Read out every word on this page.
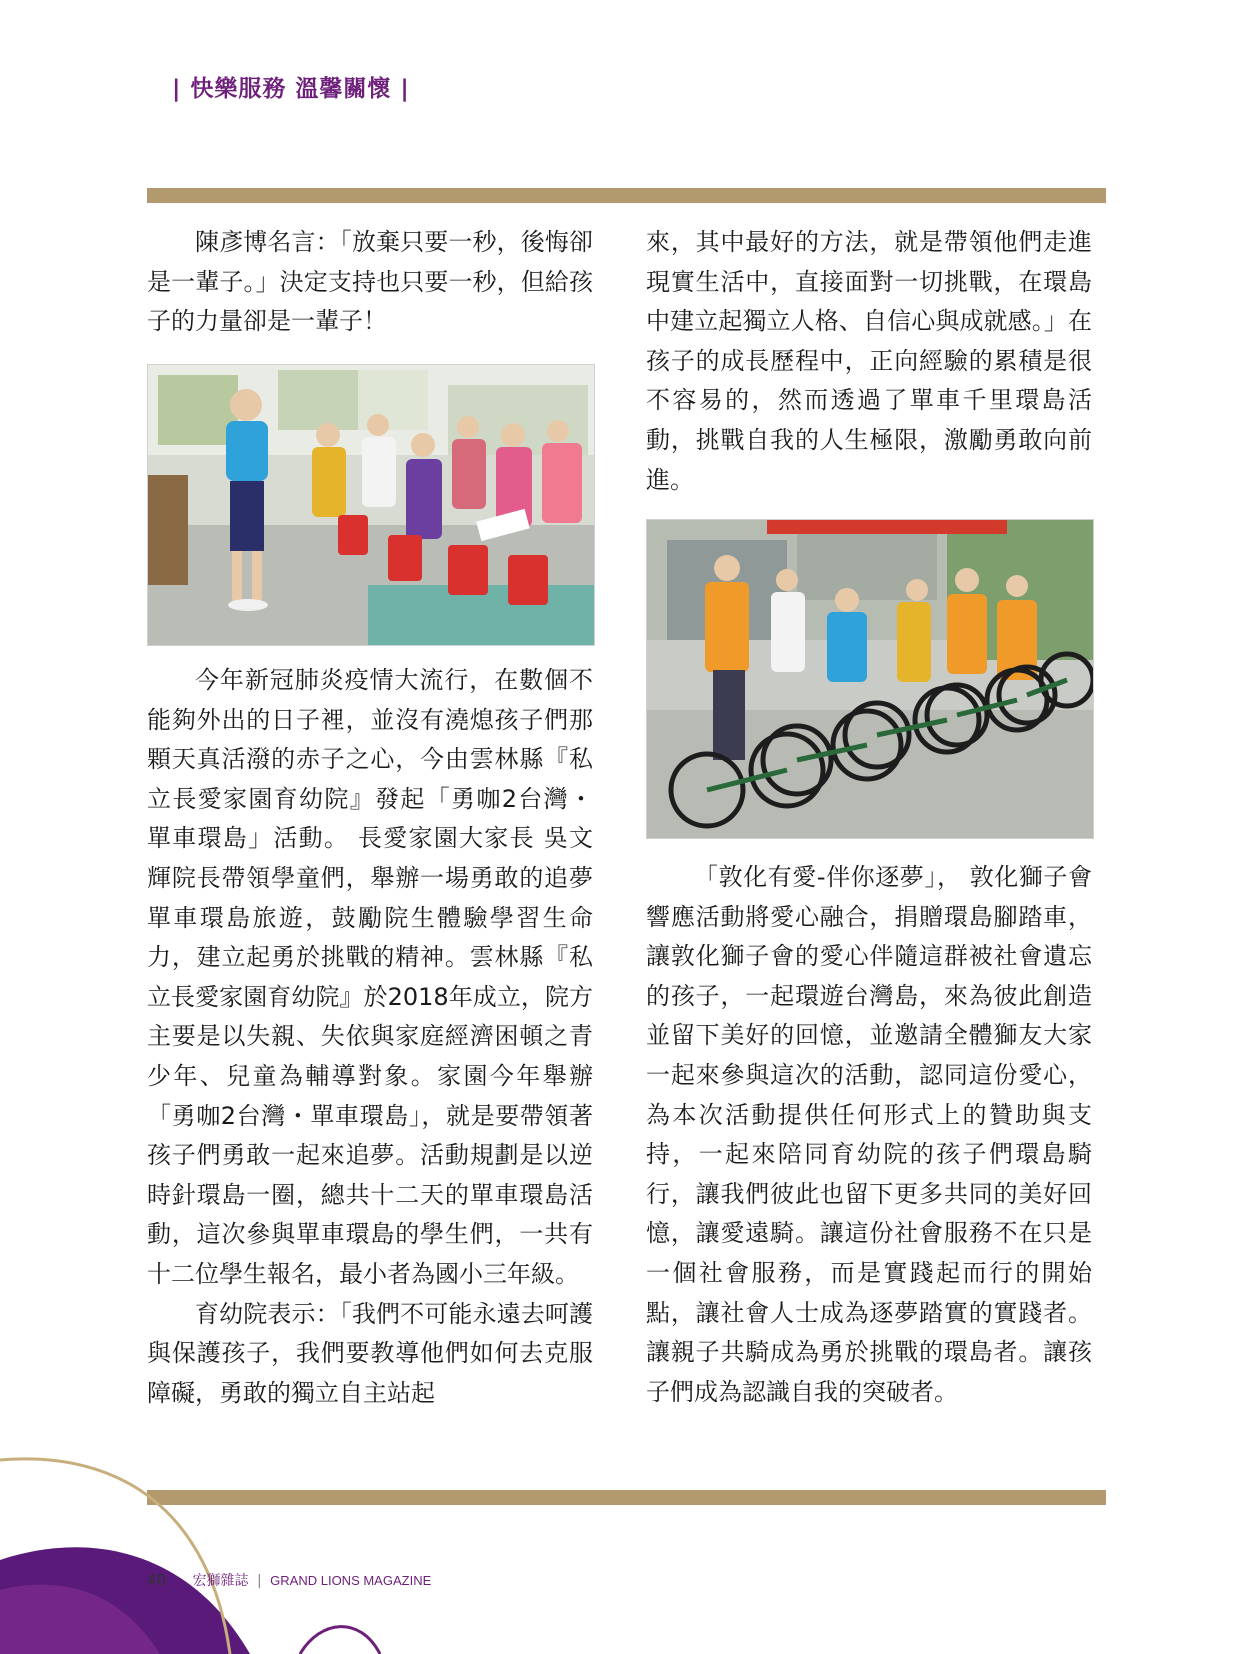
| 快樂服務 溫馨關懷 |

陳彥博名言：「放棄只要一秒，後悔卻是一輩子。」決定支持也只要一秒，但給孩子的力量卻是一輩子！

今年新冠肺炎疫情大流行，在數個不能夠外出的日子裡，並沒有澆熄孩子們那顆天真活潑的赤子之心，今由雲林縣『私立長愛家園育幼院』發起「勇咖2台灣・單車環島」活動。 長愛家園大家長 吳文輝院長帶領學童們，舉辦一場勇敢的追夢單車環島旅遊，鼓勵院生體驗學習生命力，建立起勇於挑戰的精神。雲林縣『私立長愛家園育幼院』於2018年成立，院方主要是以失親、失依與家庭經濟困頓之青少年、兒童為輔導對象。家園今年舉辦「勇咖2台灣・單車環島」，就是要帶領著孩子們勇敢一起來追夢。活動規劃是以逆時針環島一圈，總共十二天的單車環島活動，這次參與單車環島的學生們，一共有十二位學生報名，最小者為國小三年級。

育幼院表示：「我們不可能永遠去呵護與保護孩子，我們要教導他們如何去克服障礙，勇敢的獨立自主站起

來，其中最好的方法，就是帶領他們走進現實生活中，直接面對一切挑戰，在環島中建立起獨立人格、自信心與成就感。」在孩子的成長歷程中，正向經驗的累積是很不容易的，然而透過了單車千里環島活動，挑戰自我的人生極限，激勵勇敢向前進。

「敦化有愛-伴你逐夢」， 敦化獅子會響應活動將愛心融合，捐贈環島腳踏車，讓敦化獅子會的愛心伴隨這群被社會遺忘的孩子，一起環遊台灣島，來為彼此創造並留下美好的回憶，並邀請全體獅友大家一起來參與這次的活動，認同這份愛心，為本次活動提供任何形式上的贊助與支持，一起來陪同育幼院的孩子們環島騎行，讓我們彼此也留下更多共同的美好回憶，讓愛遠騎。讓這份社會服務不在只是一個社會服務，而是實踐起而行的開始點，讓社會人士成為逐夢踏實的實踐者。讓親子共騎成為勇於挑戰的環島者。讓孩子們成為認識自我的突破者。

40 宏獅雜誌 | GRAND LIONS MAGAZINE
